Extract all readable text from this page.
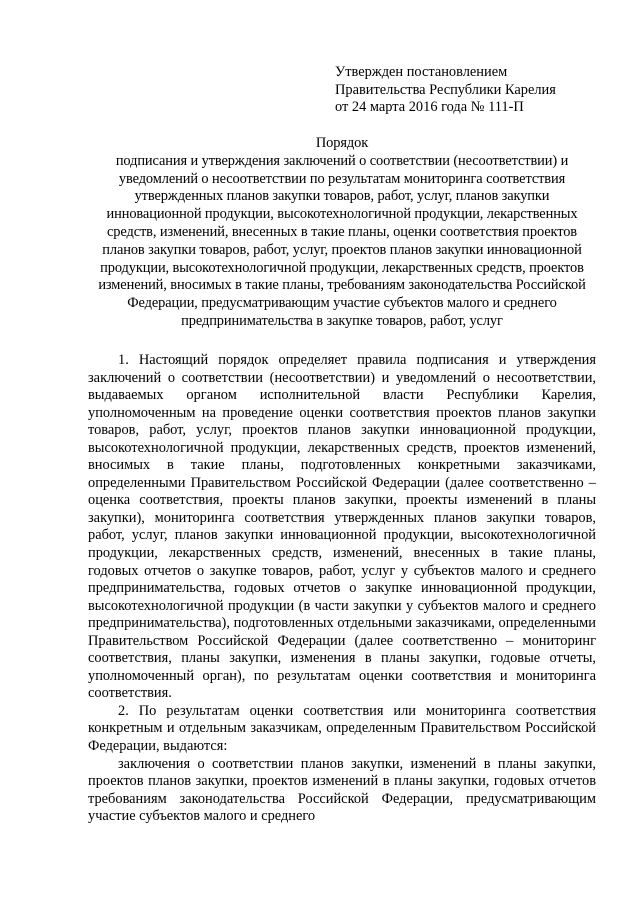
Утвержден постановлением
Правительства Республики Карелия
от 24 марта 2016 года № 111-П
Порядок
подписания и утверждения заключений о соответствии (несоответствии) и уведомлений о несоответствии по результатам мониторинга соответствия утвержденных планов закупки товаров, работ, услуг, планов закупки инновационной продукции, высокотехнологичной продукции, лекарственных средств, изменений, внесенных в такие планы, оценки соответствия проектов планов закупки товаров, работ, услуг, проектов планов закупки инновационной продукции, высокотехнологичной продукции, лекарственных средств, проектов изменений, вносимых в такие планы, требованиям законодательства Российской Федерации, предусматривающим участие субъектов малого и среднего предпринимательства в закупке товаров, работ, услуг

1. Настоящий порядок определяет правила подписания и утверждения заключений о соответствии (несоответствии) и уведомлений о несоответствии, выдаваемых органом исполнительной власти Республики Карелия, уполномоченным на проведение оценки соответствия проектов планов закупки товаров, работ, услуг, проектов планов закупки инновационной продукции, высокотехнологичной продукции, лекарственных средств, проектов изменений, вносимых в такие планы, подготовленных конкретными заказчиками, определенными Правительством Российской Федерации (далее соответственно – оценка соответствия, проекты планов закупки, проекты изменений в планы закупки), мониторинга соответствия утвержденных планов закупки товаров, работ, услуг, планов закупки инновационной продукции, высокотехнологичной продукции, лекарственных средств, изменений, внесенных в такие планы, годовых отчетов о закупке товаров, работ, услуг у субъектов малого и среднего предпринимательства, годовых отчетов о закупке инновационной продукции, высокотехнологичной продукции (в части закупки у субъектов малого и среднего предпринимательства), подготовленных отдельными заказчиками, определенными Правительством Российской Федерации (далее соответственно – мониторинг соответствия, планы закупки, изменения в планы закупки, годовые отчеты, уполномоченный орган), по результатам оценки соответствия и мониторинга соответствия.

2. По результатам оценки соответствия или мониторинга соответствия конкретным и отдельным заказчикам, определенным Правительством Российской Федерации, выдаются:

заключения о соответствии планов закупки, изменений в планы закупки, проектов планов закупки, проектов изменений в планы закупки, годовых отчетов требованиям законодательства Российской Федерации, предусматривающим участие субъектов малого и среднего
